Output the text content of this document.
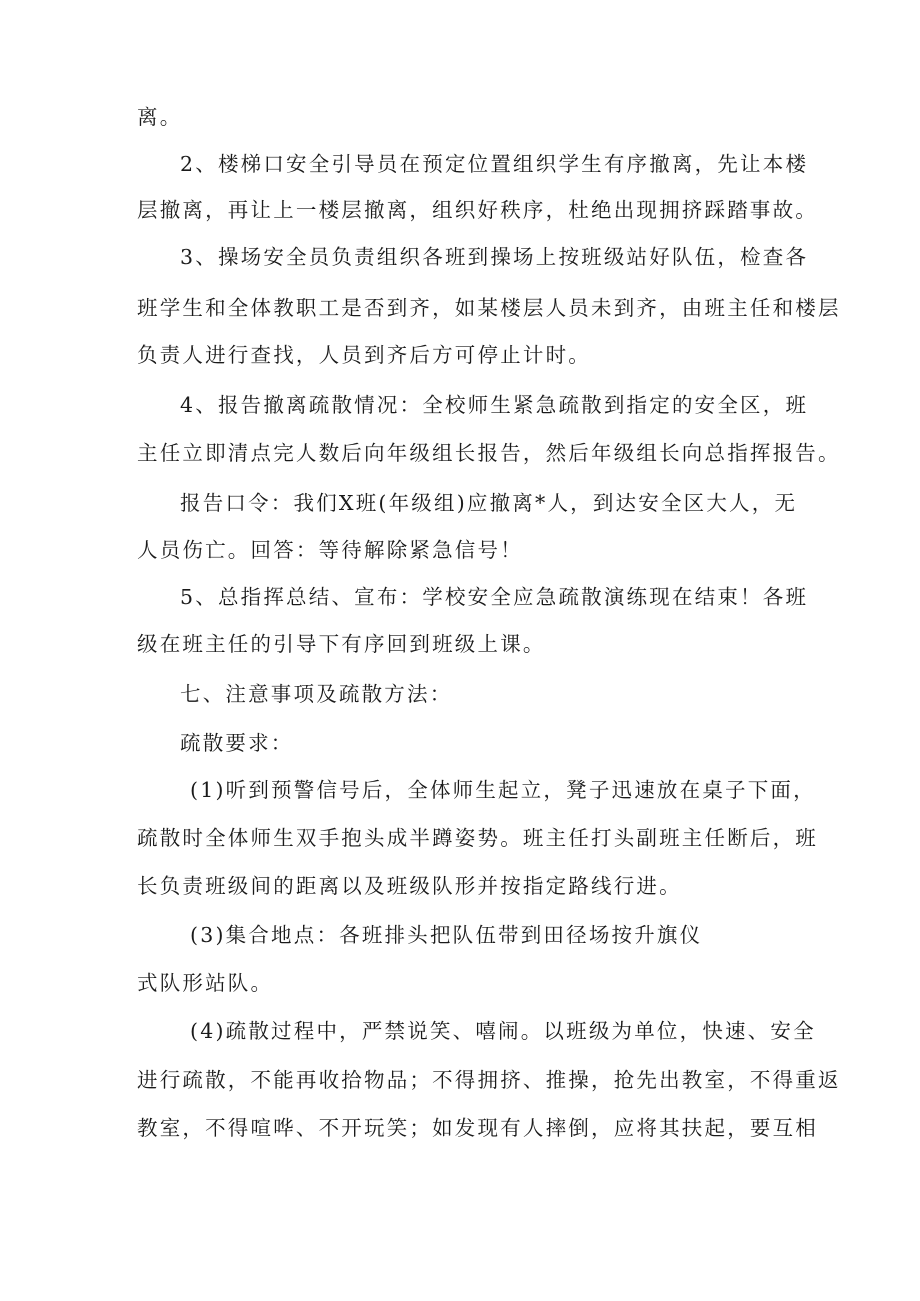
离。

2、楼梯口安全引导员在预定位置组织学生有序撤离，先让本楼

层撤离，再让上一楼层撤离，组织好秩序，杜绝出现拥挤踩踏事故。

3、操场安全员负责组织各班到操场上按班级站好队伍，检查各

班学生和全体教职工是否到齐，如某楼层人员未到齐，由班主任和楼层

负责人进行查找，人员到齐后方可停止计时。

4、报告撤离疏散情况：全校师生紧急疏散到指定的安全区，班

主任立即清点完人数后向年级组长报告，然后年级组长向总指挥报告。

报告口令：我们X班(年级组)应撤离*人，到达安全区大人，无

人员伤亡。回答：等待解除紧急信号！

5、总指挥总结、宣布：学校安全应急疏散演练现在结束！各班

级在班主任的引导下有序回到班级上课。

七、注意事项及疏散方法：

疏散要求：

(1)听到预警信号后，全体师生起立，凳子迅速放在桌子下面，

疏散时全体师生双手抱头成半蹲姿势。班主任打头副班主任断后，班

长负责班级间的距离以及班级队形并按指定路线行进。

(3)集合地点：各班排头把队伍带到田径场按升旗仪

式队形站队。

(4)疏散过程中，严禁说笑、嘻闹。以班级为单位，快速、安全

进行疏散，不能再收拾物品；不得拥挤、推操，抢先出教室，不得重返

教室，不得喧哗、不开玩笑；如发现有人摔倒，应将其扶起，要互相
